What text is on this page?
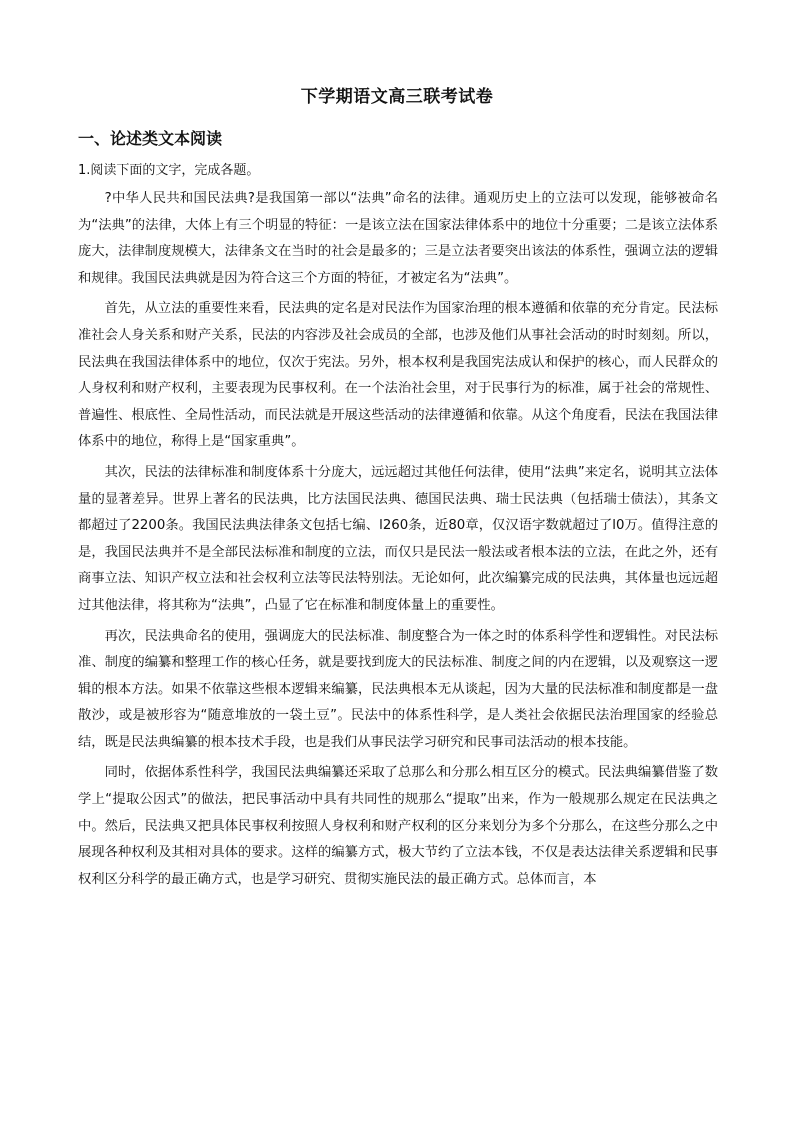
下学期语文高三联考试卷
一、论述类文本阅读
1.阅读下面的文字，完成各题。

?中华人民共和国民法典?是我国第一部以“法典”命名的法律。通观历史上的立法可以发现，能够被命名为“法典”的法律，大体上有三个明显的特征：一是该立法在国家法律体系中的地位十分重要；二是该立法体系庞大，法律制度规模大，法律条文在当时的社会是最多的；三是立法者要突出该法的体系性，强调立法的逻辑和规律。我国民法典就是因为符合这三个方面的特征，才被定名为“法典”。

首先，从立法的重要性来看，民法典的定名是对民法作为国家治理的根本遵循和依靠的充分肯定。民法标准社会人身关系和财产关系，民法的内容涉及社会成员的全部，也涉及他们从事社会活动的时时刻刻。所以，民法典在我国法律体系中的地位，仅次于宪法。另外，根本权利是我国宪法成认和保护的核心，而人民群众的人身权利和财产权利，主要表现为民事权利。在一个法治社会里，对于民事行为的标准，属于社会的常规性、普遍性、根底性、全局性活动，而民法就是开展这些活动的法律遵循和依靠。从这个角度看，民法在我国法律体系中的地位，称得上是“国家重典”。

其次，民法的法律标准和制度体系十分庞大，远远超过其他任何法律，使用“法典”来定名，说明其立法体量的显著差异。世界上著名的民法典，比方法国民法典、德国民法典、瑞士民法典（包括瑞士债法），其条文都超过了2200条。我国民法典法律条文包括七编、l260条，近80章，仅汉语字数就超过了l0万。值得注意的是，我国民法典并不是全部民法标准和制度的立法，而仅只是民法一般法或者根本法的立法，在此之外，还有商事立法、知识产权立法和社会权利立法等民法特别法。无论如何，此次编纂完成的民法典，其体量也远远超过其他法律，将其称为“法典”，凸显了它在标准和制度体量上的重要性。

再次，民法典命名的使用，强调庞大的民法标准、制度整合为一体之时的体系科学性和逻辑性。对民法标准、制度的编纂和整理工作的核心任务，就是要找到庞大的民法标准、制度之间的内在逻辑，以及观察这一逻辑的根本方法。如果不依靠这些根本逻辑来编纂，民法典根本无从谈起，因为大量的民法标准和制度都是一盘散沙，或是被形容为“随意堆放的一袋土豆”。民法中的体系性科学，是人类社会依据民法治理国家的经验总结，既是民法典编纂的根本技术手段，也是我们从事民法学习研究和民事司法活动的根本技能。

同时，依据体系性科学，我国民法典编纂还采取了总那么和分那么相互区分的模式。民法典编纂借鉴了数学上“提取公因式”的做法，把民事活动中具有共同性的规那么“提取”出来，作为一般规那么规定在民法典之中。然后，民法典又把具体民事权利按照人身权利和财产权利的区分来划分为多个分那么，在这些分那么之中展现各种权利及其相对具体的要求。这样的编纂方式，极大节约了立法本钱，不仅是表达法律关系逻辑和民事权利区分科学的最正确方式，也是学习研究、贯彻实施民法的最正确方式。总体而言，本
